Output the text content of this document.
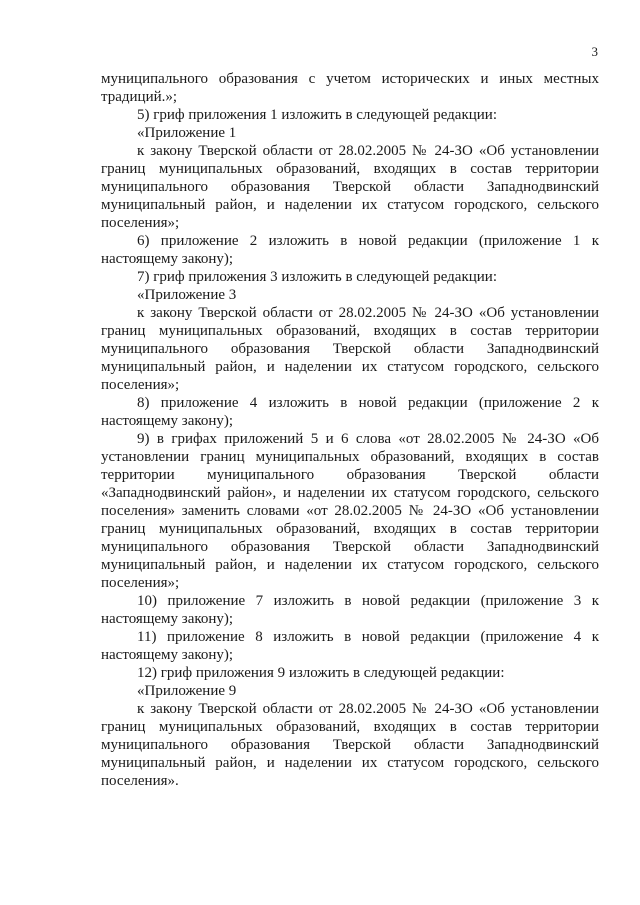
3

муниципального образования с учетом исторических и иных местных традиций.»;

5) гриф приложения 1 изложить в следующей редакции:

«Приложение 1

к закону Тверской области от 28.02.2005 № 24-ЗО «Об установлении границ муниципальных образований, входящих в состав территории муниципального образования Тверской области Западнодвинский муниципальный район, и наделении их статусом городского, сельского поселения»;

6) приложение 2 изложить в новой редакции (приложение 1 к настоящему закону);

7) гриф приложения 3 изложить в следующей редакции:

«Приложение 3

к закону Тверской области от 28.02.2005 № 24-ЗО «Об установлении границ муниципальных образований, входящих в состав территории муниципального образования Тверской области Западнодвинский муниципальный район, и наделении их статусом городского, сельского поселения»;

8) приложение 4 изложить в новой редакции (приложение 2 к настоящему закону);

9) в грифах приложений 5 и 6 слова «от 28.02.2005 № 24-ЗО «Об установлении границ муниципальных образований, входящих в состав территории муниципального образования Тверской области «Западнодвинский район», и наделении их статусом городского, сельского поселения» заменить словами «от 28.02.2005 № 24-ЗО «Об установлении границ муниципальных образований, входящих в состав территории муниципального образования Тверской области Западнодвинский муниципальный район, и наделении их статусом городского, сельского поселения»;

10) приложение 7 изложить в новой редакции (приложение 3 к настоящему закону);

11) приложение 8 изложить в новой редакции (приложение 4 к настоящему закону);

12) гриф приложения 9 изложить в следующей редакции:

«Приложение 9

к закону Тверской области от 28.02.2005 № 24-ЗО «Об установлении границ муниципальных образований, входящих в состав территории муниципального образования Тверской области Западнодвинский муниципальный район, и наделении их статусом городского, сельского поселения».
